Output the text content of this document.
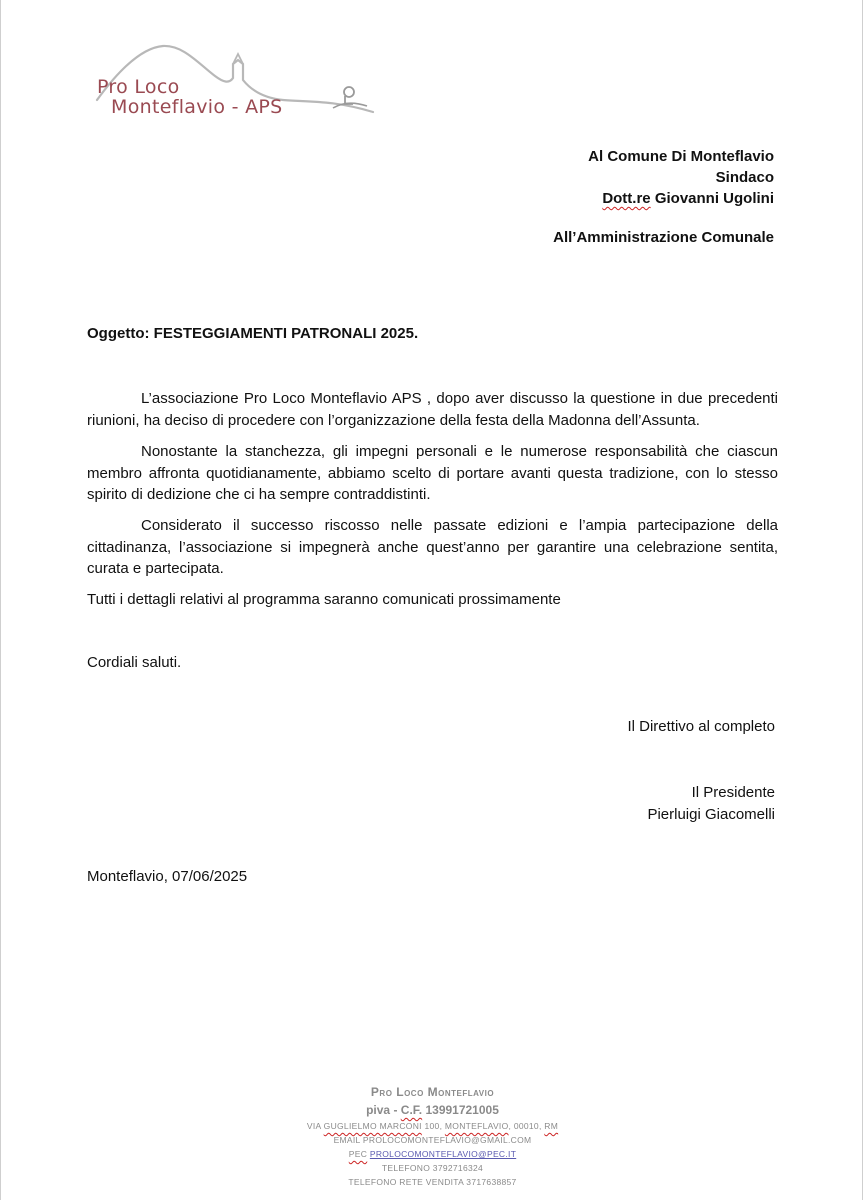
Pro Loco
Monteflavio - APS
Al Comune Di Monteflavio
Sindaco
Dott.re Giovanni Ugolini
All’Amministrazione Comunale
Oggetto: FESTEGGIAMENTI PATRONALI 2025.
L’associazione Pro Loco Monteflavio APS , dopo aver discusso la questione in due precedenti riunioni, ha deciso di procedere con l’organizzazione della festa della Madonna dell’Assunta.
Nonostante la stanchezza, gli impegni personali e le numerose responsabilità che ciascun membro affronta quotidianamente, abbiamo scelto di portare avanti questa tradizione, con lo stesso spirito di dedizione che ci ha sempre contraddistinti.
Considerato il successo riscosso nelle passate edizioni e l’ampia partecipazione della cittadinanza, l’associazione si impegnerà anche quest’anno per garantire una celebrazione sentita, curata e partecipata.
Tutti i dettagli relativi al programma saranno comunicati prossimamente
Cordiali saluti.
Il Direttivo al completo
Il Presidente
Pierluigi Giacomelli
Monteflavio, 07/06/2025
Pro Loco Monteflavio
piva - C.F. 13991721005
VIA GUGLIELMO MARCONI 100, MONTEFLAVIO, 00010, RM
EMAIL PROLOCOMONTEFLAVIO@GMAIL.COM
PEC PROLOCOMONTEFLAVIO@PEC.IT
TELEFONO 3792716324
TELEFONO RETE VENDITA 3717638857
